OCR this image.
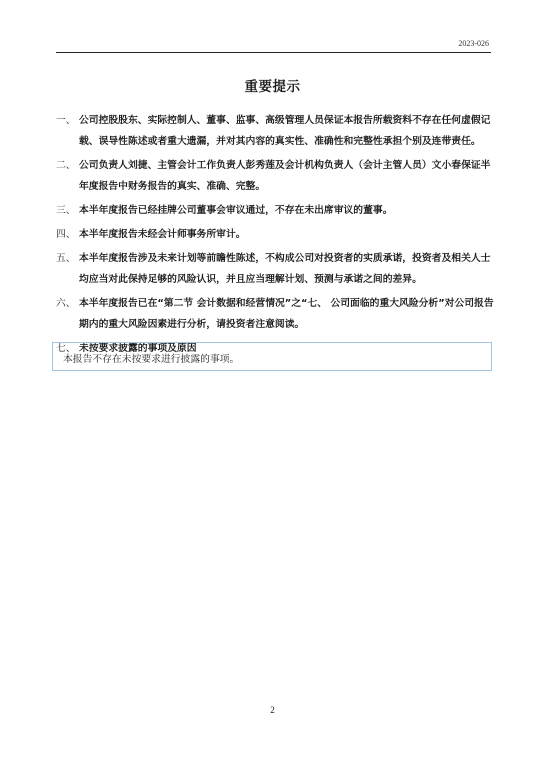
2023-026
重要提示
一、 公司控股股东、实际控制人、董事、监事、高级管理人员保证本报告所载资料不存在任何虚假记载、误导性陈述或者重大遗漏，并对其内容的真实性、准确性和完整性承担个别及连带责任。
二、 公司负责人刘捷、主管会计工作负责人彭秀莲及会计机构负责人（会计主管人员）文小春保证半年度报告中财务报告的真实、准确、完整。
三、 本半年度报告已经挂牌公司董事会审议通过，不存在未出席审议的董事。
四、 本半年度报告未经会计师事务所审计。
五、 本半年度报告涉及未来计划等前瞻性陈述，不构成公司对投资者的实质承诺，投资者及相关人士均应当对此保持足够的风险认识，并且应当理解计划、预测与承诺之间的差异。
六、 本半年度报告已在“第二节 会计数据和经营情况”之“七、 公司面临的重大风险分析”对公司报告期内的重大风险因素进行分析，请投资者注意阅读。
七、 未按要求披露的事项及原因
本报告不存在未按要求进行披露的事项。
2
